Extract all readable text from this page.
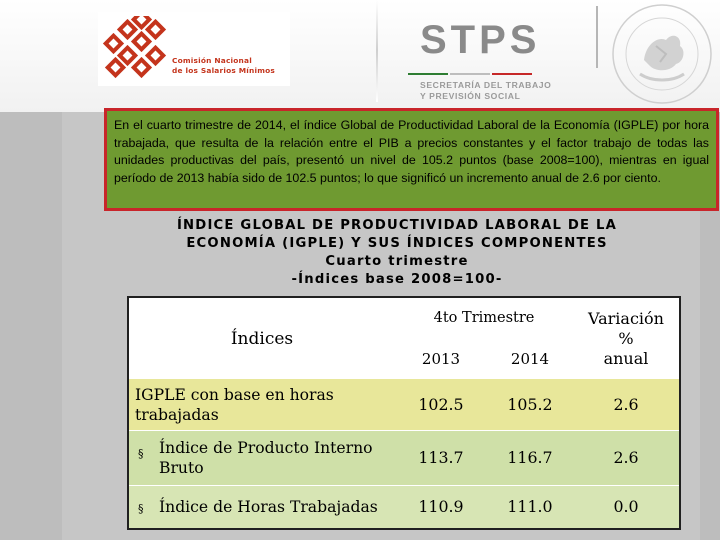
Comisión Nacional
de los Salarios Mínimos
STPS
SECRETARÍA DEL TRABAJO
Y PREVISIÓN SOCIAL
En el cuarto trimestre de 2014, el índice Global de Productividad Laboral de la Economía (IGPLE) por hora trabajada, que resulta de la relación entre el PIB a precios constantes y el factor trabajo de todas las unidades productivas del país, presentó un nivel de 105.2 puntos (base 2008=100), mientras en igual período de 2013 había sido de 102.5 puntos; lo que significó un incremento anual de 2.6 por ciento.
ÍNDICE GLOBAL DE PRODUCTIVIDAD LABORAL DE LA
ECONOMÍA (IGPLE) Y SUS ÍNDICES COMPONENTES
Cuarto trimestre
-Índices base 2008=100-
Índices
4to Trimestre
2013	2014
Variación
%
anual
IGPLE con base en horas trabajadas
102.5	105.2	2.6
§ Índice de Producto Interno Bruto
113.7	116.7	2.6
§ Índice de Horas Trabajadas	110.9	111.0	0.0
